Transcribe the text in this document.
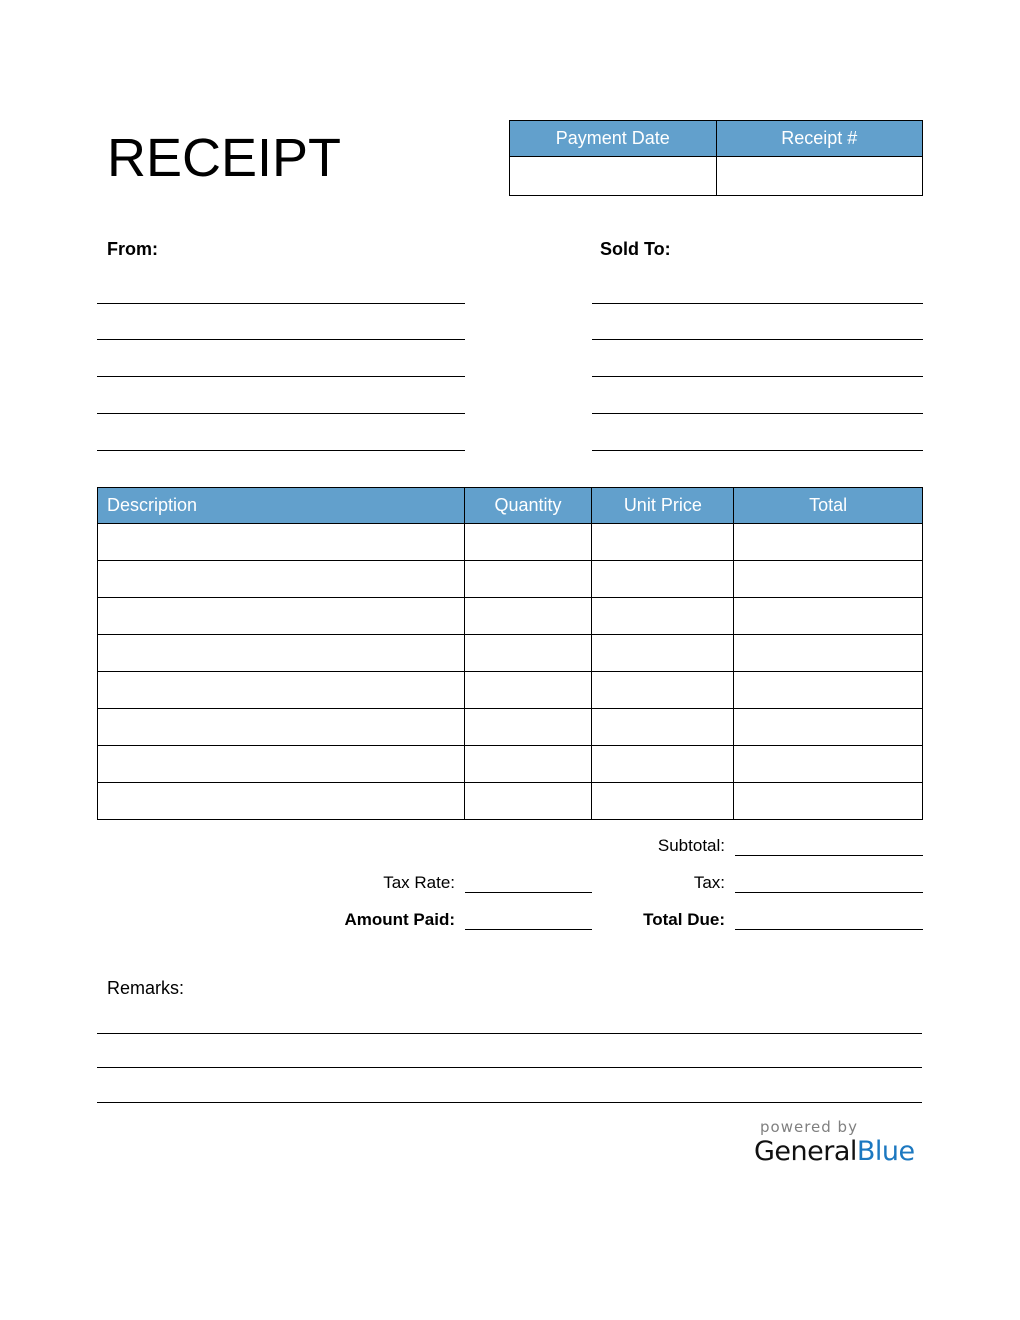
RECEIPT	Payment Date	Receipt #

From:	Sold To:
Description	Quantity	Unit Price	Total

Subtotal:
Tax Rate:	Tax:
Amount Paid:	Total Due:
Remarks:
powered by
GeneralBlue
